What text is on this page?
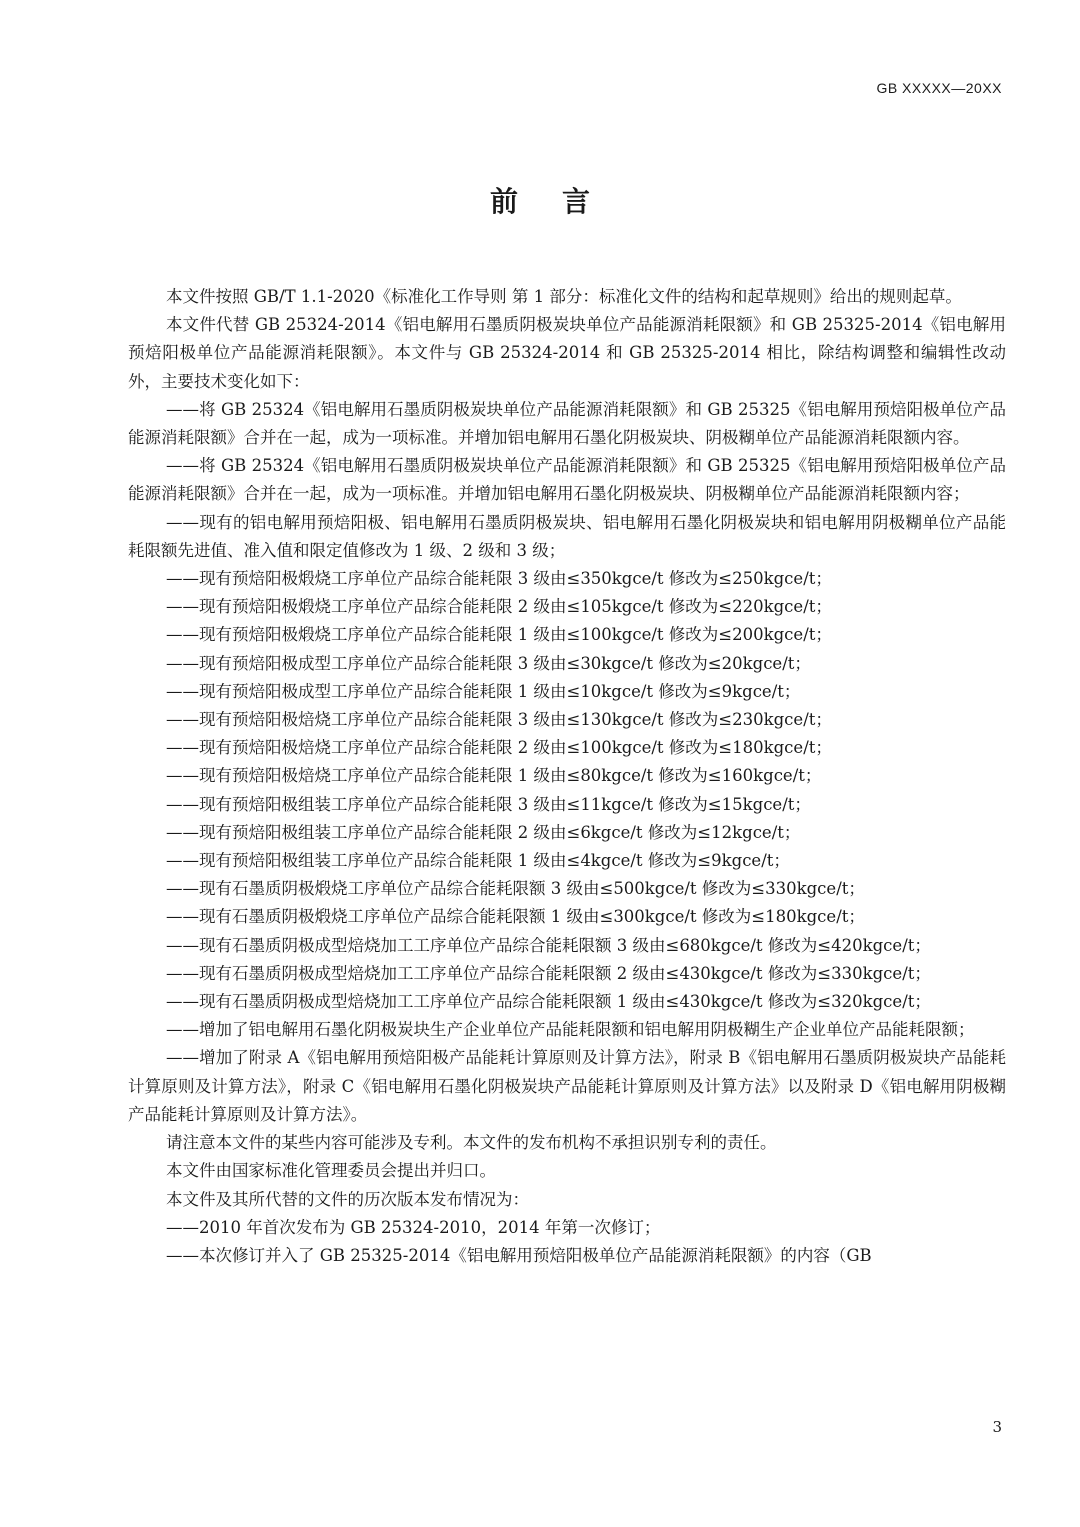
GB XXXXX—20XX
前言

本文件按照 GB/T 1.1-2020《标准化工作导则 第 1 部分：标准化文件的结构和起草规则》给出的规则起草。

本文件代替 GB 25324-2014《铝电解用石墨质阴极炭块单位产品能源消耗限额》和 GB 25325-2014《铝电解用预焙阳极单位产品能源消耗限额》。本文件与 GB 25324-2014 和 GB 25325-2014 相比，除结构调整和编辑性改动外，主要技术变化如下：

——将 GB 25324《铝电解用石墨质阴极炭块单位产品能源消耗限额》和 GB 25325《铝电解用预焙阳极单位产品能源消耗限额》合并在一起，成为一项标准。并增加铝电解用石墨化阴极炭块、阴极糊单位产品能源消耗限额内容。

——将 GB 25324《铝电解用石墨质阴极炭块单位产品能源消耗限额》和 GB 25325《铝电解用预焙阳极单位产品能源消耗限额》合并在一起，成为一项标准。并增加铝电解用石墨化阴极炭块、阴极糊单位产品能源消耗限额内容；

——现有的铝电解用预焙阳极、铝电解用石墨质阴极炭块、铝电解用石墨化阴极炭块和铝电解用阴极糊单位产品能耗限额先进值、准入值和限定值修改为 1 级、2 级和 3 级；

——现有预焙阳极煅烧工序单位产品综合能耗限 3 级由≤350kgce/t 修改为≤250kgce/t；

——现有预焙阳极煅烧工序单位产品综合能耗限 2 级由≤105kgce/t 修改为≤220kgce/t；

——现有预焙阳极煅烧工序单位产品综合能耗限 1 级由≤100kgce/t 修改为≤200kgce/t；

——现有预焙阳极成型工序单位产品综合能耗限 3 级由≤30kgce/t 修改为≤20kgce/t；

——现有预焙阳极成型工序单位产品综合能耗限 1 级由≤10kgce/t 修改为≤9kgce/t；

——现有预焙阳极焙烧工序单位产品综合能耗限 3 级由≤130kgce/t 修改为≤230kgce/t；

——现有预焙阳极焙烧工序单位产品综合能耗限 2 级由≤100kgce/t 修改为≤180kgce/t；

——现有预焙阳极焙烧工序单位产品综合能耗限 1 级由≤80kgce/t 修改为≤160kgce/t；

——现有预焙阳极组装工序单位产品综合能耗限 3 级由≤11kgce/t 修改为≤15kgce/t；

——现有预焙阳极组装工序单位产品综合能耗限 2 级由≤6kgce/t 修改为≤12kgce/t；

——现有预焙阳极组装工序单位产品综合能耗限 1 级由≤4kgce/t 修改为≤9kgce/t；

——现有石墨质阴极煅烧工序单位产品综合能耗限额 3 级由≤500kgce/t 修改为≤330kgce/t；

——现有石墨质阴极煅烧工序单位产品综合能耗限额 1 级由≤300kgce/t 修改为≤180kgce/t；

——现有石墨质阴极成型焙烧加工工序单位产品综合能耗限额 3 级由≤680kgce/t 修改为≤420kgce/t；

——现有石墨质阴极成型焙烧加工工序单位产品综合能耗限额 2 级由≤430kgce/t 修改为≤330kgce/t；

——现有石墨质阴极成型焙烧加工工序单位产品综合能耗限额 1 级由≤430kgce/t 修改为≤320kgce/t；

——增加了铝电解用石墨化阴极炭块生产企业单位产品能耗限额和铝电解用阴极糊生产企业单位产品能耗限额；

——增加了附录 A《铝电解用预焙阳极产品能耗计算原则及计算方法》，附录 B《铝电解用石墨质阴极炭块产品能耗计算原则及计算方法》，附录 C《铝电解用石墨化阴极炭块产品能耗计算原则及计算方法》以及附录 D《铝电解用阴极糊产品能耗计算原则及计算方法》。

请注意本文件的某些内容可能涉及专利。本文件的发布机构不承担识别专利的责任。

本文件由国家标准化管理委员会提出并归口。

本文件及其所代替的文件的历次版本发布情况为：

——2010 年首次发布为 GB 25324-2010，2014 年第一次修订；

——本次修订并入了 GB 25325-2014《铝电解用预焙阳极单位产品能源消耗限额》的内容（GB

3
